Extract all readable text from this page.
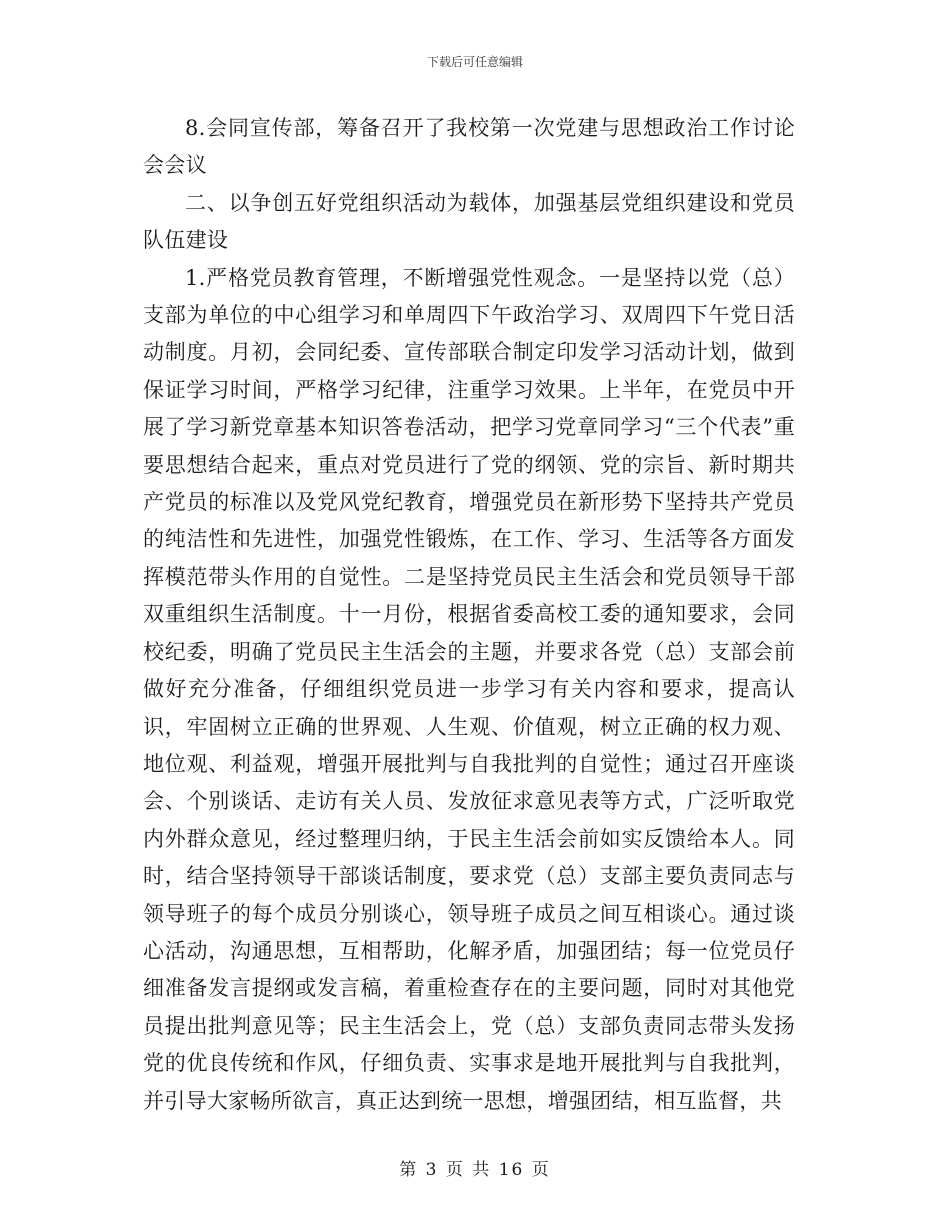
下载后可任意编辑

8.会同宣传部，筹备召开了我校第一次党建与思想政治工作讨论会会议

二、以争创五好党组织活动为载体，加强基层党组织建设和党员队伍建设

1.严格党员教育管理，不断增强党性观念。一是坚持以党（总）支部为单位的中心组学习和单周四下午政治学习、双周四下午党日活动制度。月初，会同纪委、宣传部联合制定印发学习活动计划，做到保证学习时间，严格学习纪律，注重学习效果。上半年，在党员中开展了学习新党章基本知识答卷活动，把学习党章同学习“三个代表”重要思想结合起来，重点对党员进行了党的纲领、党的宗旨、新时期共产党员的标准以及党风党纪教育，增强党员在新形势下坚持共产党员的纯洁性和先进性，加强党性锻炼，在工作、学习、生活等各方面发挥模范带头作用的自觉性。二是坚持党员民主生活会和党员领导干部双重组织生活制度。十一月份，根据省委高校工委的通知要求，会同校纪委，明确了党员民主生活会的主题，并要求各党（总）支部会前做好充分准备，仔细组织党员进一步学习有关内容和要求，提高认识，牢固树立正确的世界观、人生观、价值观，树立正确的权力观、地位观、利益观，增强开展批判与自我批判的自觉性；通过召开座谈会、个别谈话、走访有关人员、发放征求意见表等方式，广泛听取党内外群众意见，经过整理归纳，于民主生活会前如实反馈给本人。同时，结合坚持领导干部谈话制度，要求党（总）支部主要负责同志与领导班子的每个成员分别谈心，领导班子成员之间互相谈心。通过谈心活动，沟通思想，互相帮助，化解矛盾，加强团结；每一位党员仔细准备发言提纲或发言稿，着重检查存在的主要问题，同时对其他党员提出批判意见等；民主生活会上，党（总）支部负责同志带头发扬党的优良传统和作风，仔细负责、实事求是地开展批判与自我批判，并引导大家畅所欲言，真正达到统一思想，增强团结，相互监督，共

第 3 页 共 16 页
